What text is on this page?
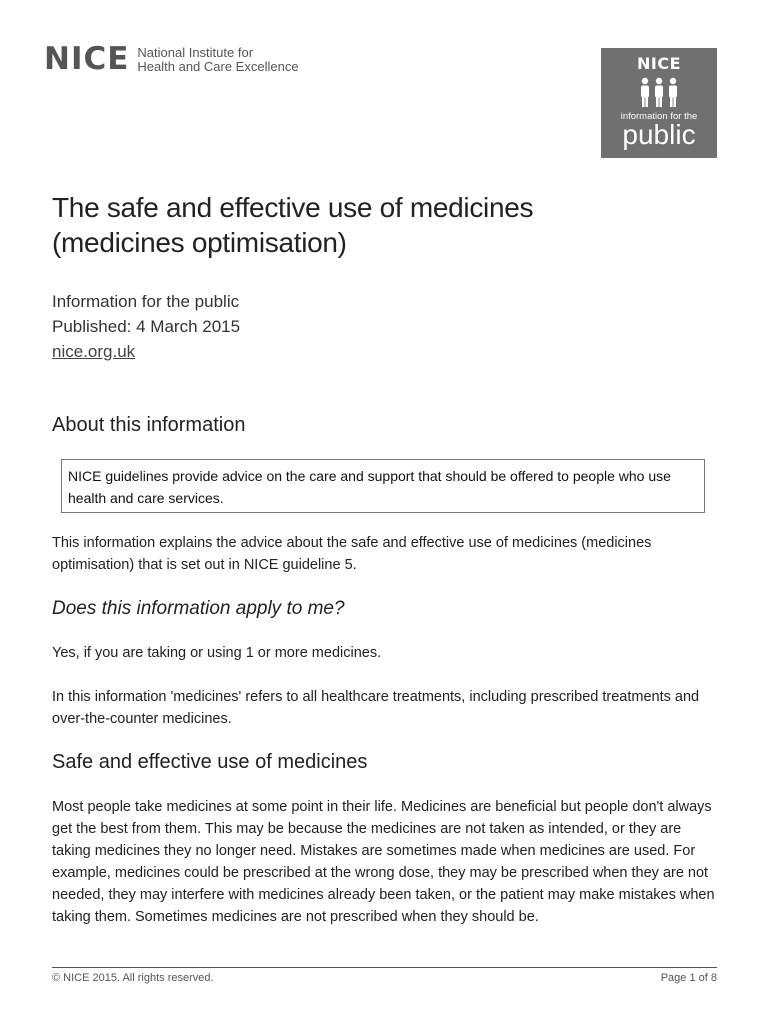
NICE National Institute for
Health and Care Excellence	NICE
information for the
public
The safe and effective use of medicines
(medicines optimisation)
Information for the public
Published: 4 March 2015
nice.org.uk
About this information
NICE guidelines provide advice on the care and support that should be offered to people who use health and care services.

This information explains the advice about the safe and effective use of medicines (medicines optimisation) that is set out in NICE guideline 5.

Does this information apply to me?

Yes, if you are taking or using 1 or more medicines.

In this information 'medicines' refers to all healthcare treatments, including prescribed treatments and over-the-counter medicines.

Safe and effective use of medicines

Most people take medicines at some point in their life. Medicines are beneficial but people don't always get the best from them. This may be because the medicines are not taken as intended, or they are taking medicines they no longer need. Mistakes are sometimes made when medicines are used. For example, medicines could be prescribed at the wrong dose, they may be prescribed when they are not needed, they may interfere with medicines already been taken, or the patient may make mistakes when taking them. Sometimes medicines are not prescribed when they should be.

© NICE 2015. All rights reserved.	Page 1 of 8
